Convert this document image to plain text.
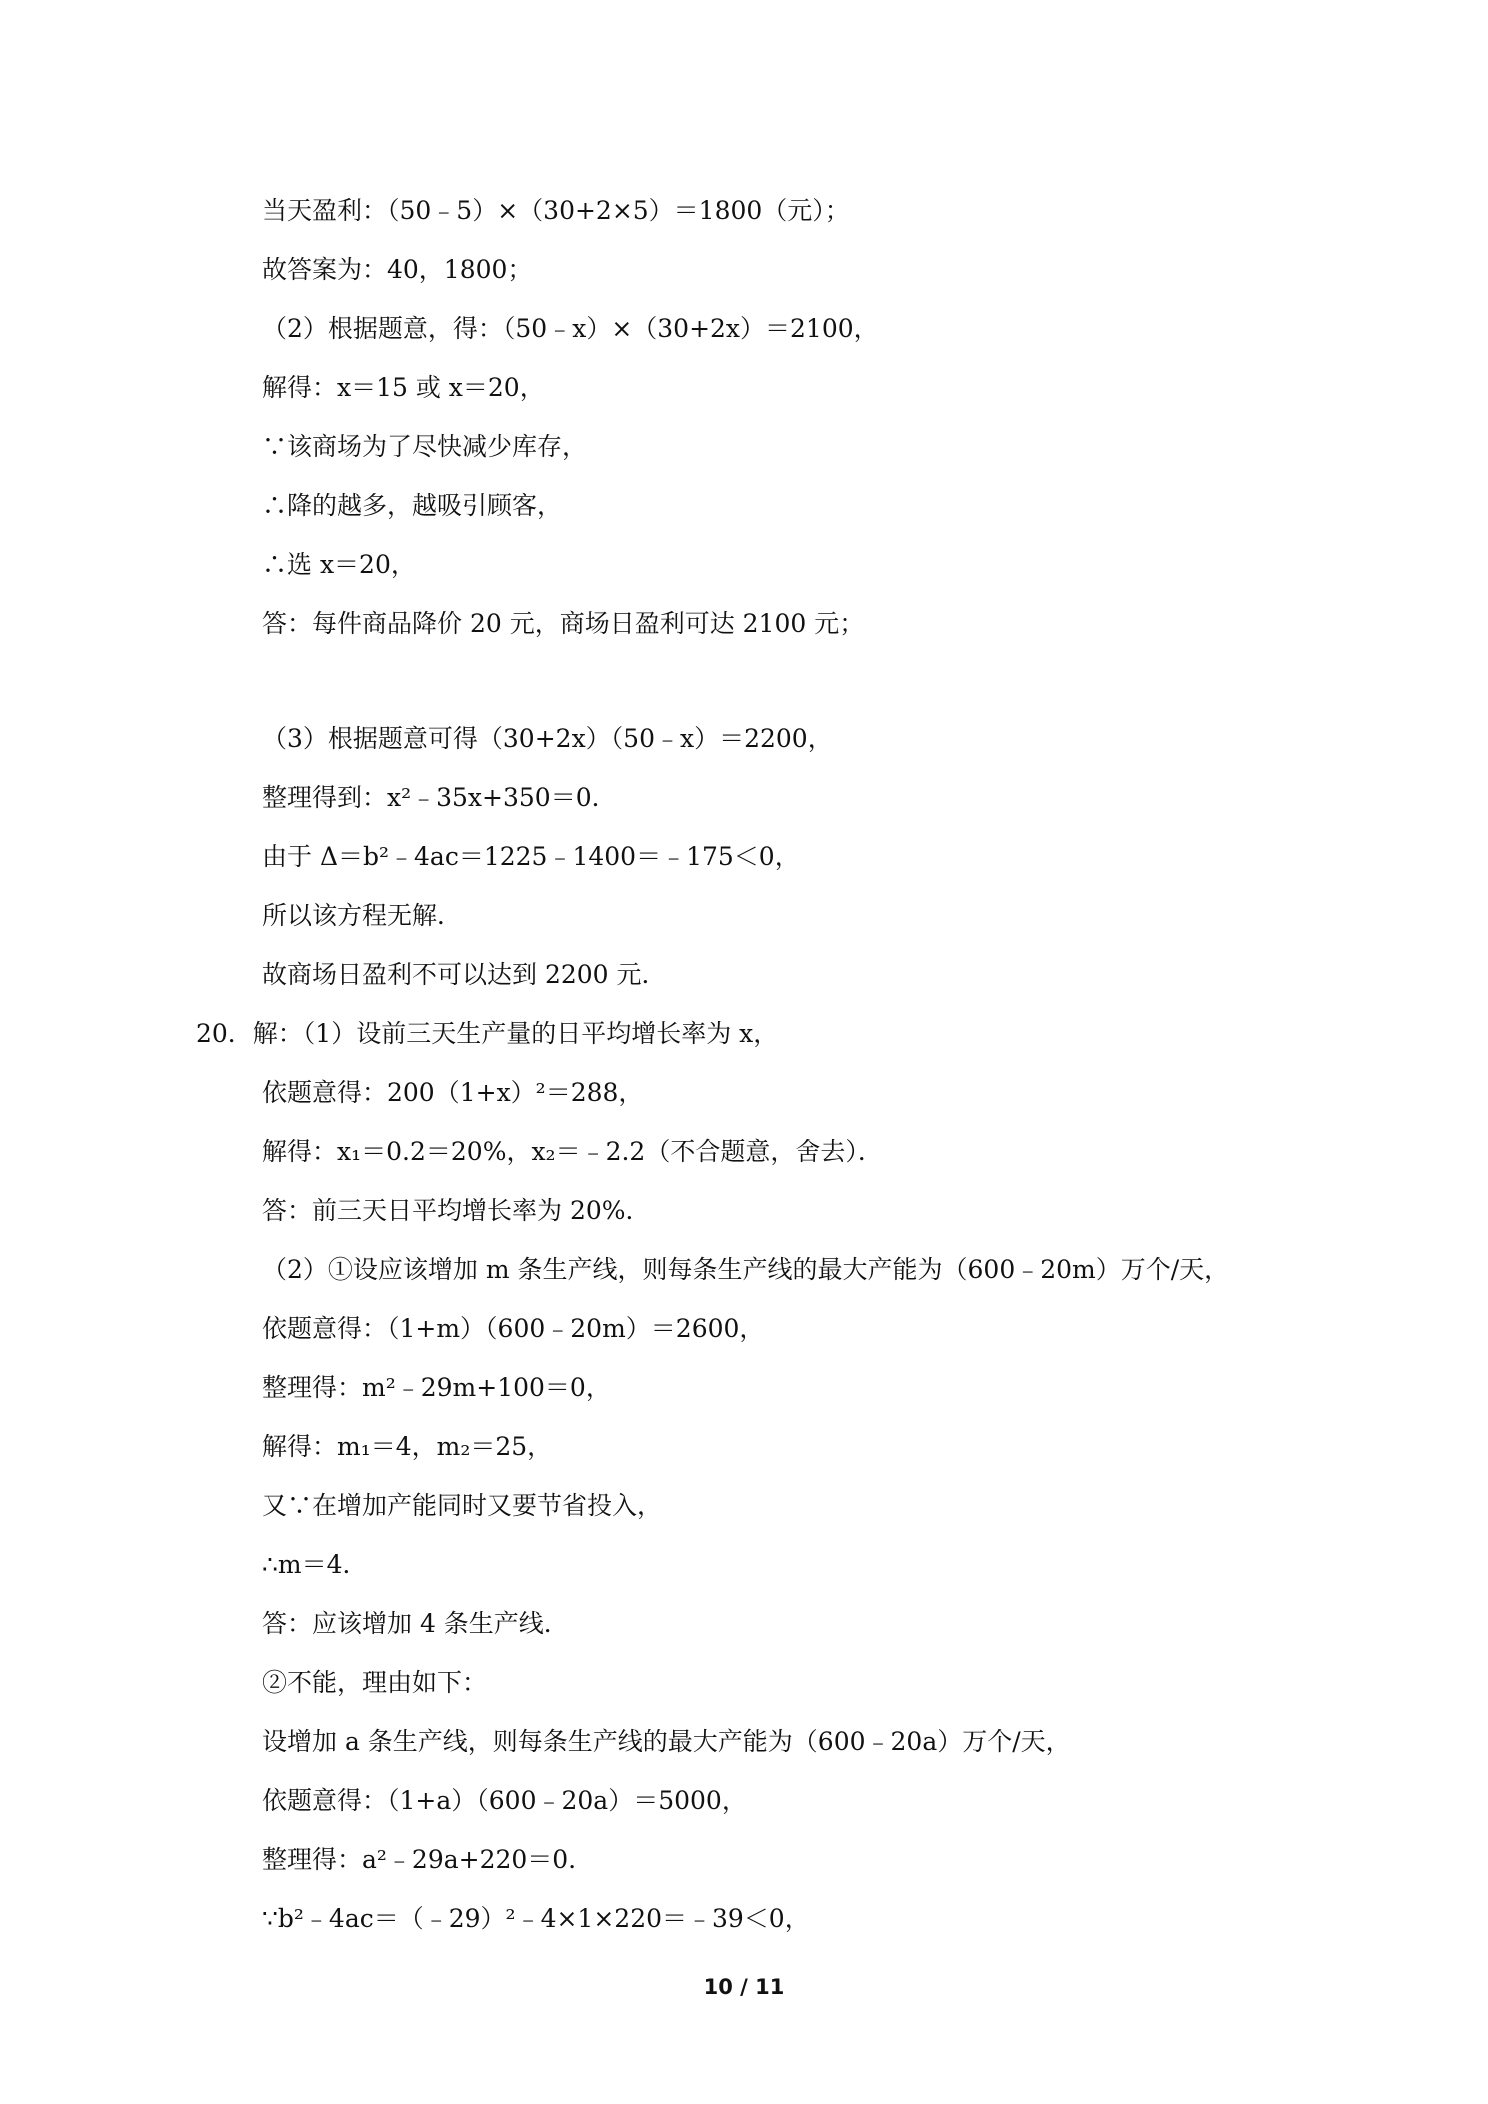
当天盈利：（50﹣5）×（30+2×5）＝1800（元）；
故答案为：40，1800；
（2）根据题意，得：（50﹣x）×（30+2x）＝2100，
解得：x＝15 或 x＝20，
∵该商场为了尽快减少库存，
∴降的越多，越吸引顾客，
∴选 x＝20，
答：每件商品降价 20 元，商场日盈利可达 2100 元；
（3）根据题意可得（30+2x）（50﹣x）＝2200，
整理得到：x²﹣35x+350＝0．
由于 Δ＝b²﹣4ac＝1225﹣1400＝﹣175＜0，
所以该方程无解．
故商场日盈利不可以达到 2200 元．
20．解：（1）设前三天生产量的日平均增长率为 x，
依题意得：200（1+x）²＝288，
解得：x₁＝0.2＝20%，x₂＝﹣2.2（不合题意，舍去）．
答：前三天日平均增长率为 20%．
（2）①设应该增加 m 条生产线，则每条生产线的最大产能为（600﹣20m）万个/天，
依题意得：（1+m）（600﹣20m）＝2600，
整理得：m²﹣29m+100＝0，
解得：m₁＝4，m₂＝25，
又∵在增加产能同时又要节省投入，
∴m＝4．
答：应该增加 4 条生产线．
②不能，理由如下：
设增加 a 条生产线，则每条生产线的最大产能为（600﹣20a）万个/天，
依题意得：（1+a）（600﹣20a）＝5000，
整理得：a²﹣29a+220＝0．
∵b²﹣4ac＝（﹣29）²﹣4×1×220＝﹣39＜0，
10 / 11
